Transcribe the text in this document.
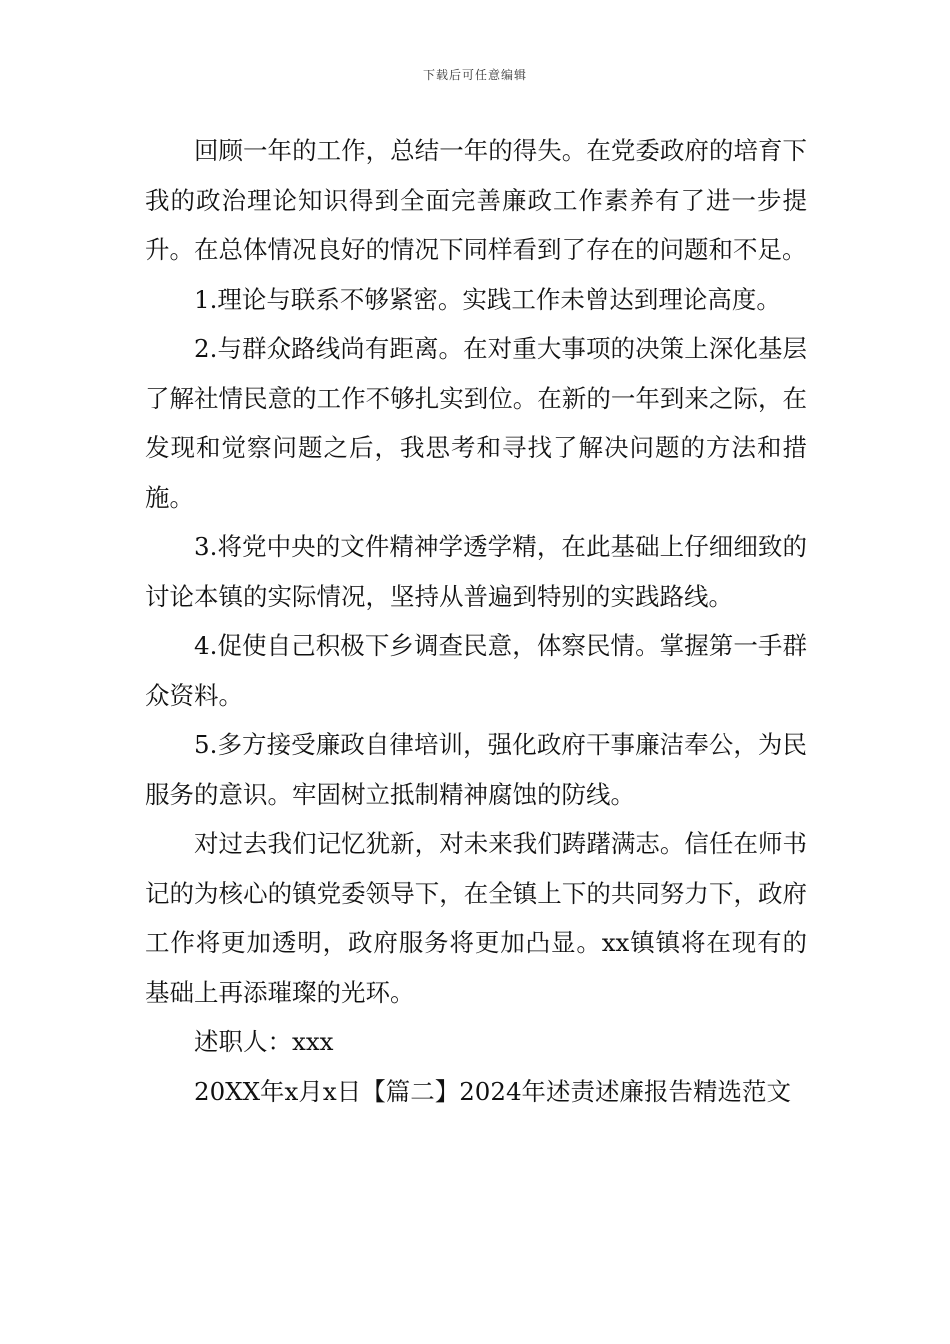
下载后可任意编辑

回顾一年的工作，总结一年的得失。在党委政府的培育下我的政治理论知识得到全面完善廉政工作素养有了进一步提升。在总体情况良好的情况下同样看到了存在的问题和不足。

1.理论与联系不够紧密。实践工作未曾达到理论高度。

2.与群众路线尚有距离。在对重大事项的决策上深化基层了解社情民意的工作不够扎实到位。在新的一年到来之际，在发现和觉察问题之后，我思考和寻找了解决问题的方法和措施。

3.将党中央的文件精神学透学精，在此基础上仔细细致的讨论本镇的实际情况，坚持从普遍到特别的实践路线。

4.促使自己积极下乡调查民意，体察民情。掌握第一手群众资料。

5.多方接受廉政自律培训，强化政府干事廉洁奉公，为民服务的意识。牢固树立抵制精神腐蚀的防线。

对过去我们记忆犹新，对未来我们踌躇满志。信任在师书记的为核心的镇党委领导下，在全镇上下的共同努力下，政府工作将更加透明，政府服务将更加凸显。xx镇镇将在现有的基础上再添璀璨的光环。

述职人：xxx

20XX年x月x日【篇二】2024年述责述廉报告精选范文
